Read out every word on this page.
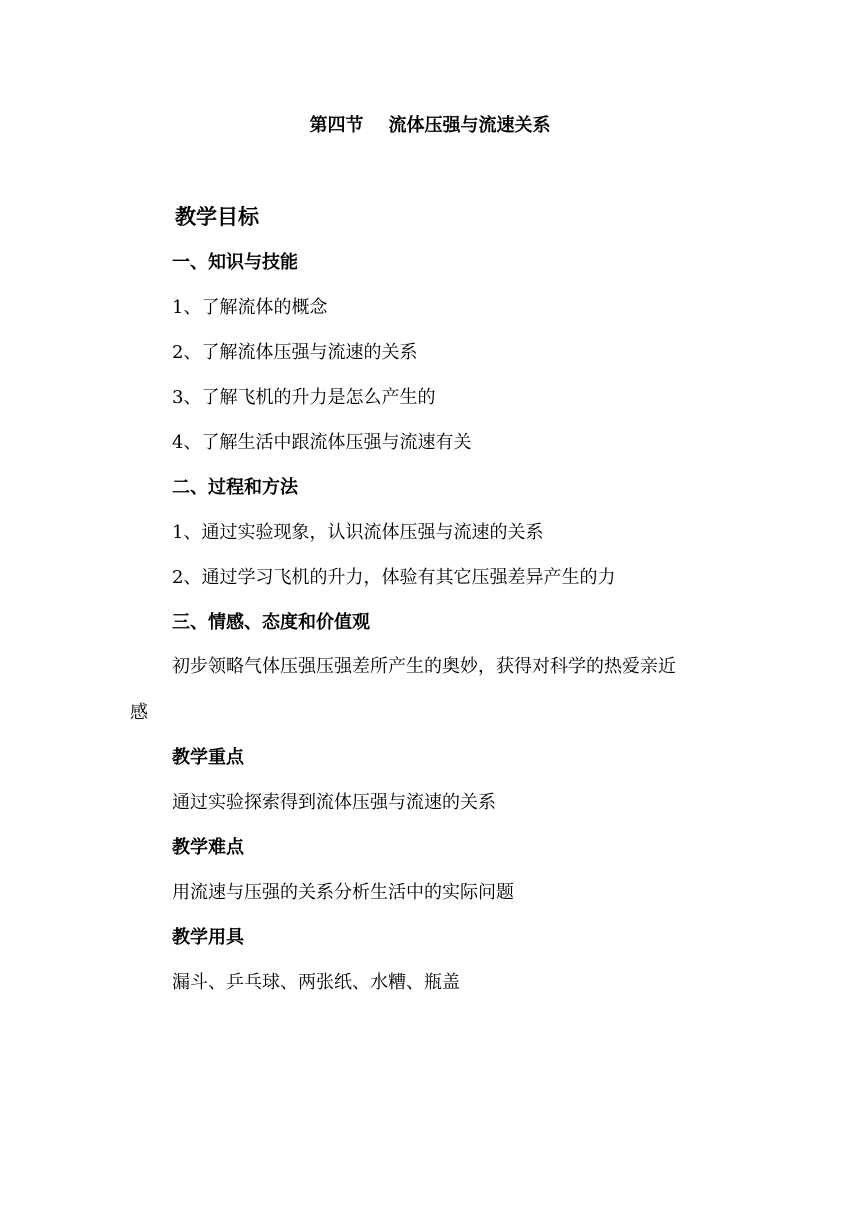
第四节    流体压强与流速关系
教学目标
一、知识与技能
1、了解流体的概念
2、了解流体压强与流速的关系
3、了解飞机的升力是怎么产生的
4、了解生活中跟流体压强与流速有关
二、过程和方法
1、通过实验现象，认识流体压强与流速的关系
2、通过学习飞机的升力，体验有其它压强差异产生的力
三、情感、态度和价值观
初步领略气体压强压强差所产生的奥妙，获得对科学的热爱亲近
感
教学重点
通过实验探索得到流体压强与流速的关系
教学难点
用流速与压强的关系分析生活中的实际问题
教学用具
漏斗、乒乓球、两张纸、水糟、瓶盖
